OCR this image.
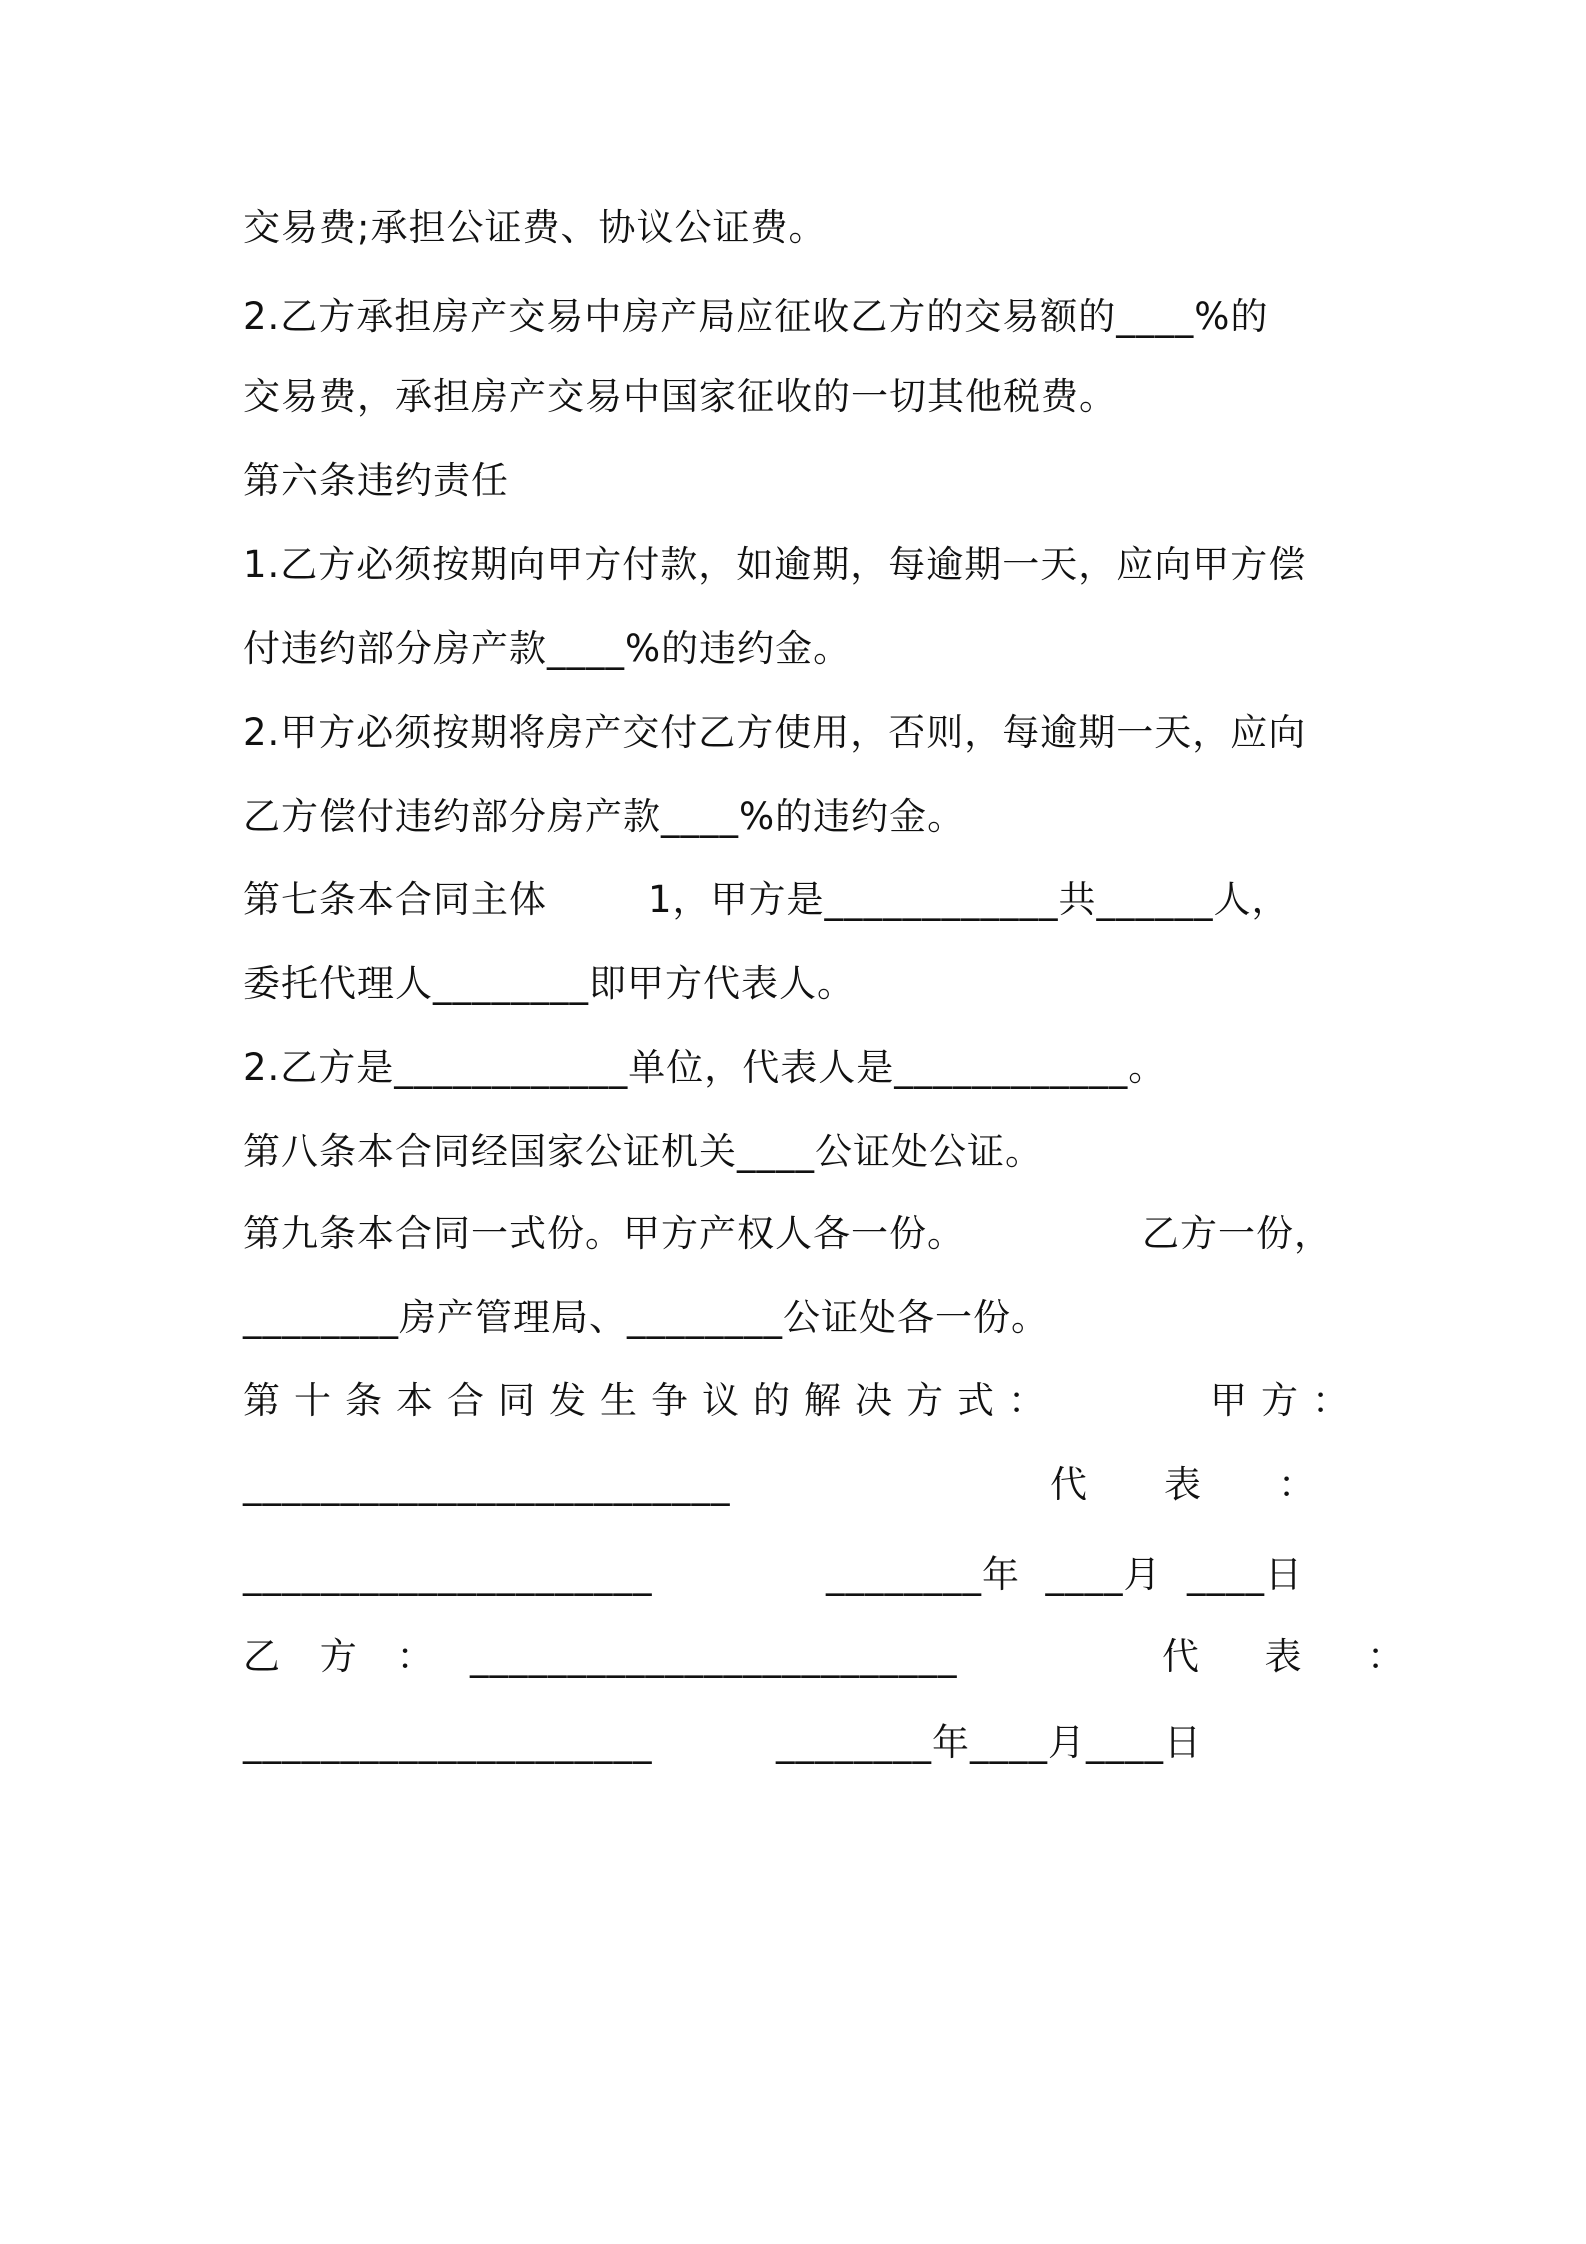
交易费;承担公证费、协议公证费。
2.乙方承担房产交易中房产局应征收乙方的交易额的____%的
交易费，承担房产交易中国家征收的一切其他税费。
第六条违约责任
1.乙方必须按期向甲方付款，如逾期，每逾期一天，应向甲方偿
付违约部分房产款____%的违约金。
2.甲方必须按期将房产交付乙方使用，否则，每逾期一天，应向
乙方偿付违约部分房产款____%的违约金。
第七条本合同主体	1，甲方是____________共______人，
委托代理人________即甲方代表人。
2.乙方是____________单位，代表人是____________。
第八条本合同经国家公证机关____公证处公证。
第九条本合同一式份。甲方产权人各一份。	乙方一份，
________房产管理局、________公证处各一份。
第十条本合同发生争议的解决方式：	甲方：
_________________________	代　　表　　：
_____________________	________年  ____月  ____日
乙 方 ： _________________________	代  表  ：
_____________________	________年____月____日
